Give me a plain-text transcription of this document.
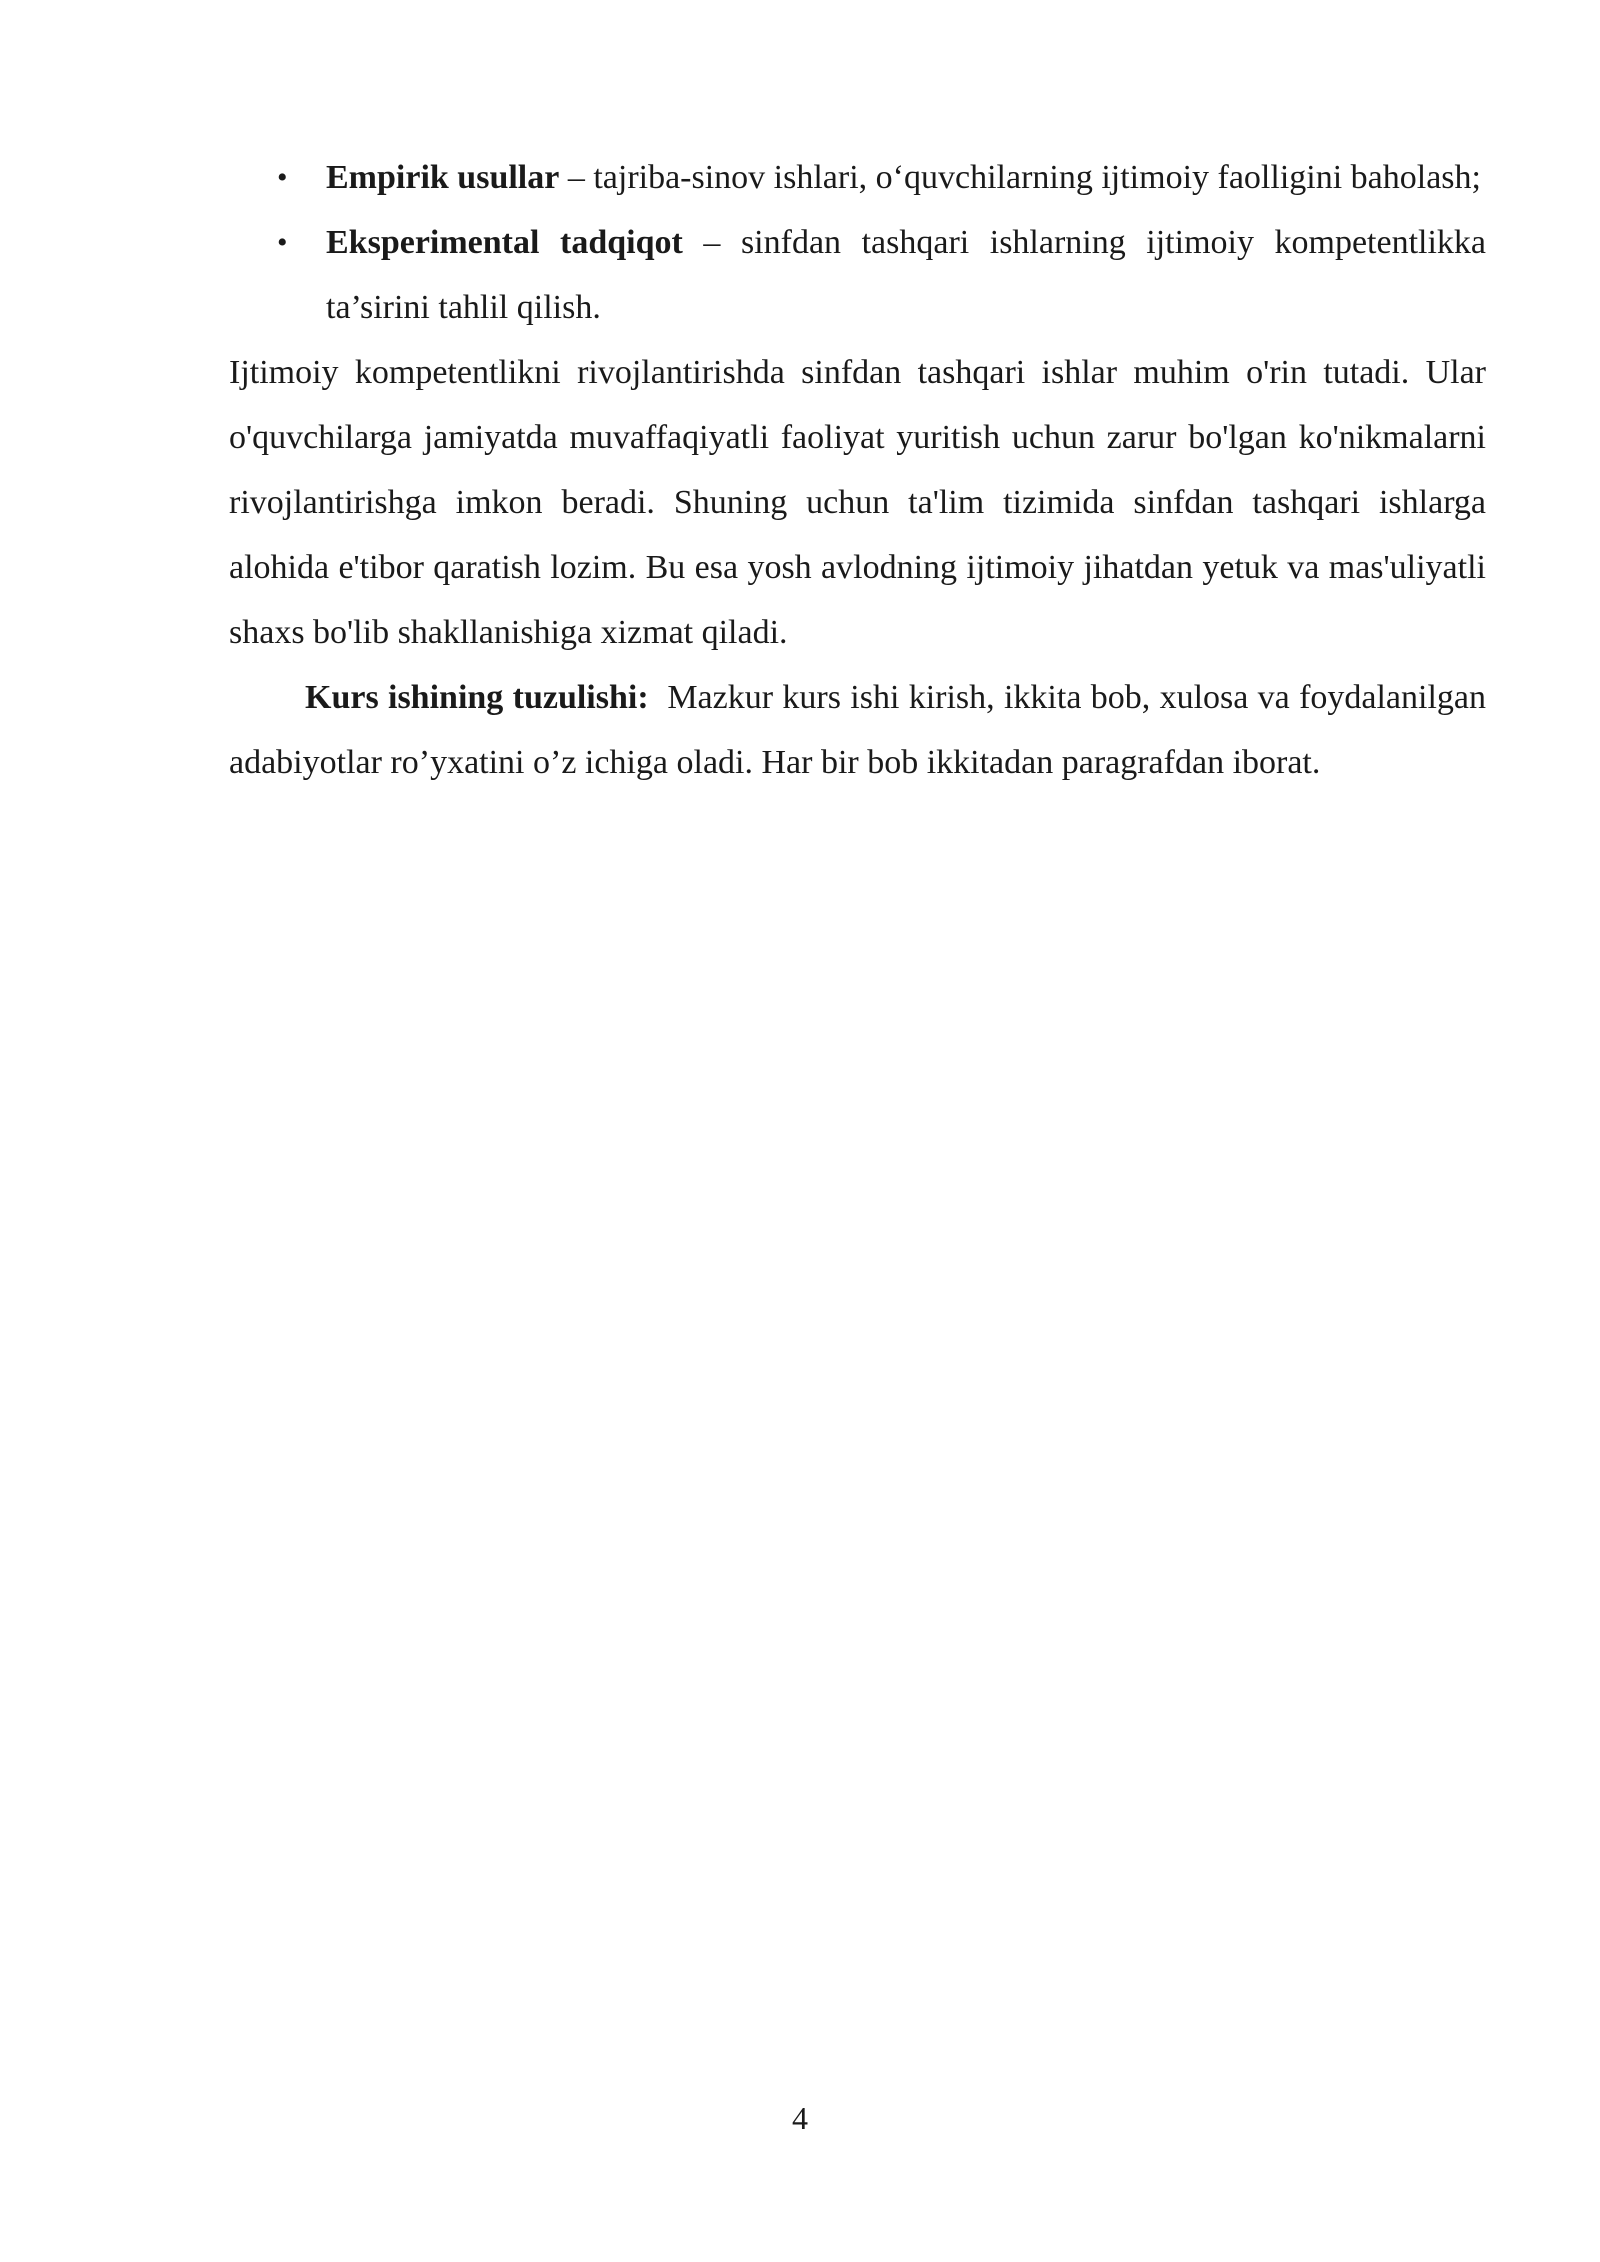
• Empirik usullar – tajriba-sinov ishlari, o‘quvchilarning ijtimoiy faolligini baholash;
• Eksperimental tadqiqot – sinfdan tashqari ishlarning ijtimoiy kompetentlikka ta’sirini tahlil qilish.

Ijtimoiy kompetentlikni rivojlantirishda sinfdan tashqari ishlar muhim o'rin tutadi. Ular o'quvchilarga jamiyatda muvaffaqiyatli faoliyat yuritish uchun zarur bo'lgan ko'nikmalarni rivojlantirishga imkon beradi. Shuning uchun ta'lim tizimida sinfdan tashqari ishlarga alohida e'tibor qaratish lozim. Bu esa yosh avlodning ijtimoiy jihatdan yetuk va mas'uliyatli shaxs bo'lib shakllanishiga xizmat qiladi.

Kurs ishining tuzulishi: Mazkur kurs ishi kirish, ikkita bob, xulosa va foydalanilgan adabiyotlar ro’yxatini o’z ichiga oladi. Har bir bob ikkitadan paragrafdan iborat.

4
